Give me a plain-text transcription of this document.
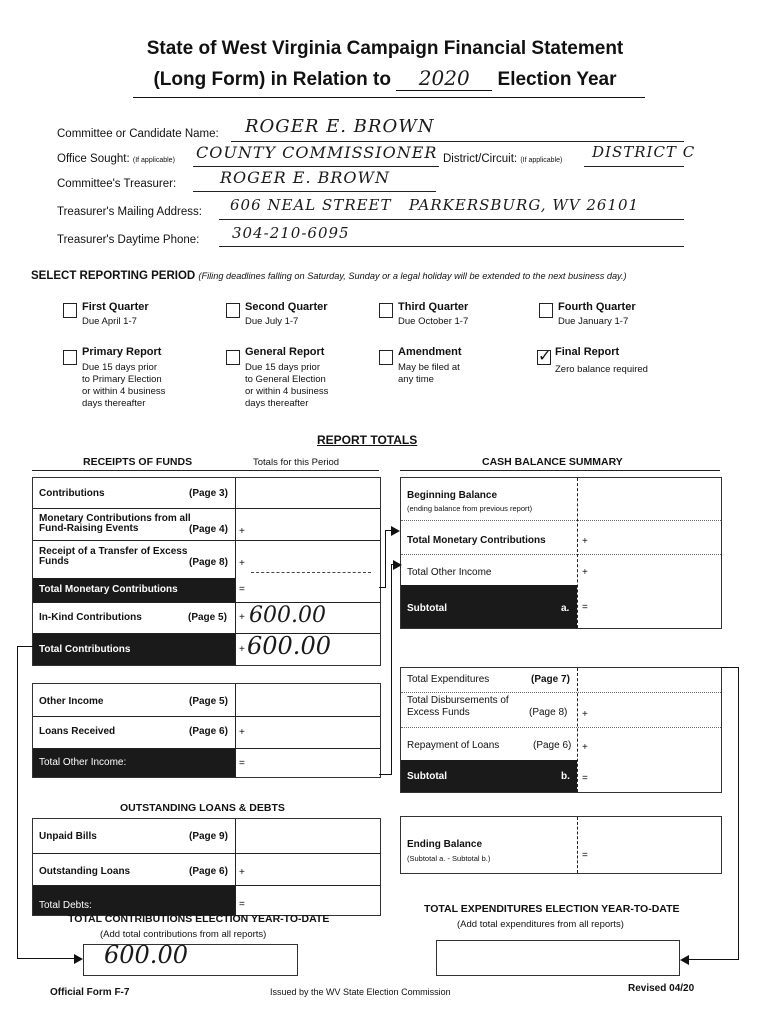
State of West Virginia Campaign Financial Statement
(Long Form) in Relation to 2020 Election Year
Committee or Candidate Name: ROGER E. BROWN
Office Sought: (If applicable) COUNTY COMMISSIONER District/Circuit: (If applicable) DISTRICT C
Committee's Treasurer:	ROGER E. BROWN
Treasurer's Mailing Address: 606 NEAL STREET   PARKERSBURG, WV 26101
Treasurer's Daytime Phone: 304-210-6095
SELECT REPORTING PERIOD (Filing deadlines falling on Saturday, Sunday or a legal holiday will be extended to the next business day.)
First Quarter
Due April 1-7
Second Quarter
Due July 1-7
Third Quarter
Due October 1-7
Fourth Quarter
Due January 1-7
Primary Report
Due 15 days prior
to Primary Election
or within 4 business
days thereafter
General Report
Due 15 days prior
to General Election
or within 4 business
days thereafter
Amendment
May be filed at
any time
✓ Final Report
Zero balance required
REPORT TOTALS
RECEIPTS OF FUNDS	Totals for this Period	CASH BALANCE SUMMARY
Contributions	(Page 3)
Monetary Contributions from all
Fund-Raising Events	(Page 4) +
Receipt of a Transfer of Excess
Funds	(Page 8) +
Total Monetary Contributions	=
In-Kind Contributions	(Page 5) + 600.00
Total Contributions	+ 600.00
Other Income	(Page 5)
Loans Received	(Page 6) +
Total Other Income:	=
Beginning Balance
(ending balance from previous report)
Total Monetary Contributions	+
Total Other Income	+
Subtotal	a. =
Total Expenditures	(Page 7)
Total Disbursements of
Excess Funds	(Page 8) +
Repayment of Loans	(Page 6) +
Subtotal	b. =
Ending Balance
(Subtotal a. - Subtotal b.)	=
OUTSTANDING LOANS & DEBTS
Unpaid Bills	(Page 9)
Outstanding Loans	(Page 6) +
Total Debts:	=
TOTAL CONTRIBUTIONS ELECTION YEAR-TO-DATE
(Add total contributions from all reports)
600.00
TOTAL EXPENDITURES ELECTION YEAR-TO-DATE
(Add total expenditures from all reports)
Official Form F-7	Issued by the WV State Election Commission	Revised 04/20
